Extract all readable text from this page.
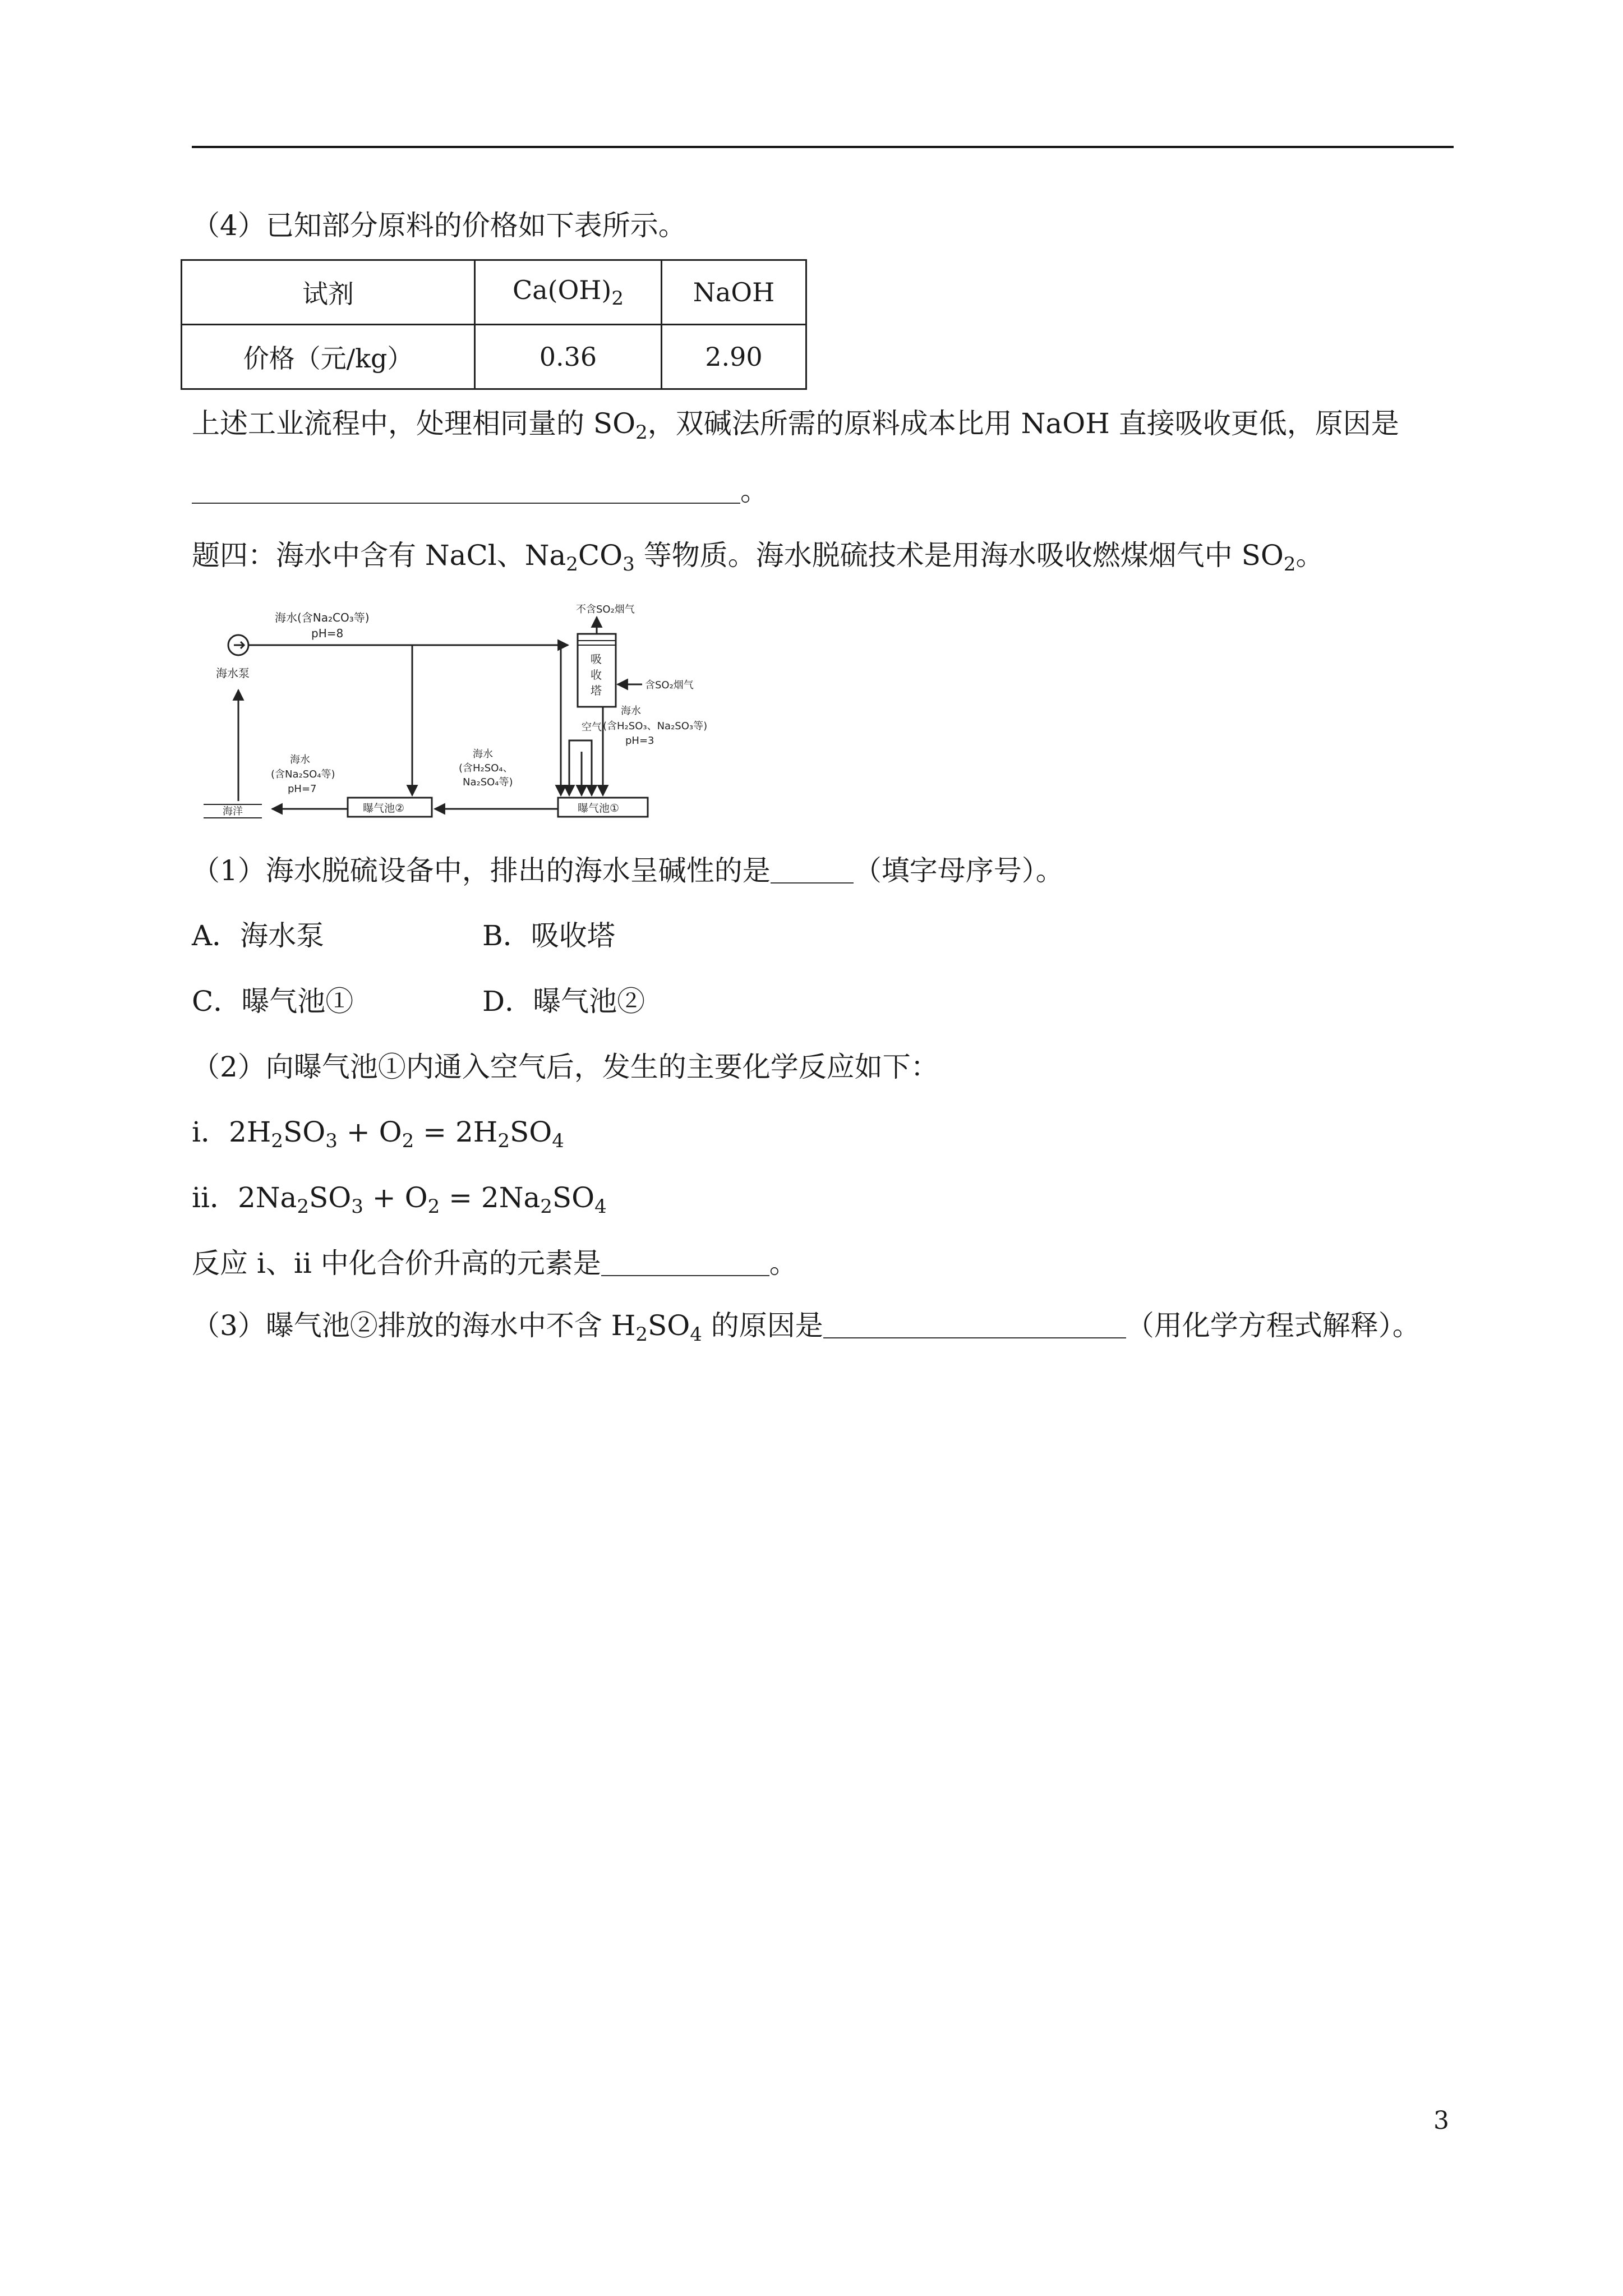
（4）已知部分原料的价格如下表所示。
试剂	$Ca(OH)_2$	NaOH
价格（元/kg）	0.36	2.90
上述工业流程中，处理相同量的 $SO_2$，双碱法所需的原料成本比用 NaOH 直接吸收更低，原因是
。
题四：海水中含有 NaCl、$Na_2CO_3$ 等物质。海水脱硫技术是用海水吸收燃煤烟气中 $SO_2$。
海水泵
海水(含Na₂CO₃等)
pH=8
吸
收
塔
不含SO₂烟气
含SO₂烟气
海水
(含H₂SO₃、Na₂SO₃等)
pH=3
空气
曝气池①
海水
(含H₂SO₄、
Na₂SO₄等)
曝气池②
海水
(含Na₂SO₄等)
pH=7
海洋
（1）海水脱硫设备中，排出的海水呈碱性的是	（填字母序号）。
A．海水泵	B．吸收塔
C．曝气池①	D．曝气池②
（2）向曝气池①内通入空气后，发生的主要化学反应如下：
i．$2H_2SO_3 + O_2 = 2H_2SO_4$
ii．$2Na_2SO_3 + O_2 = 2Na_2SO_4$
反应 i、ii 中化合价升高的元素是	。
（3）曝气池②排放的海水中不含 $H_2SO_4$ 的原因是	（用化学方程式解释）。
3
